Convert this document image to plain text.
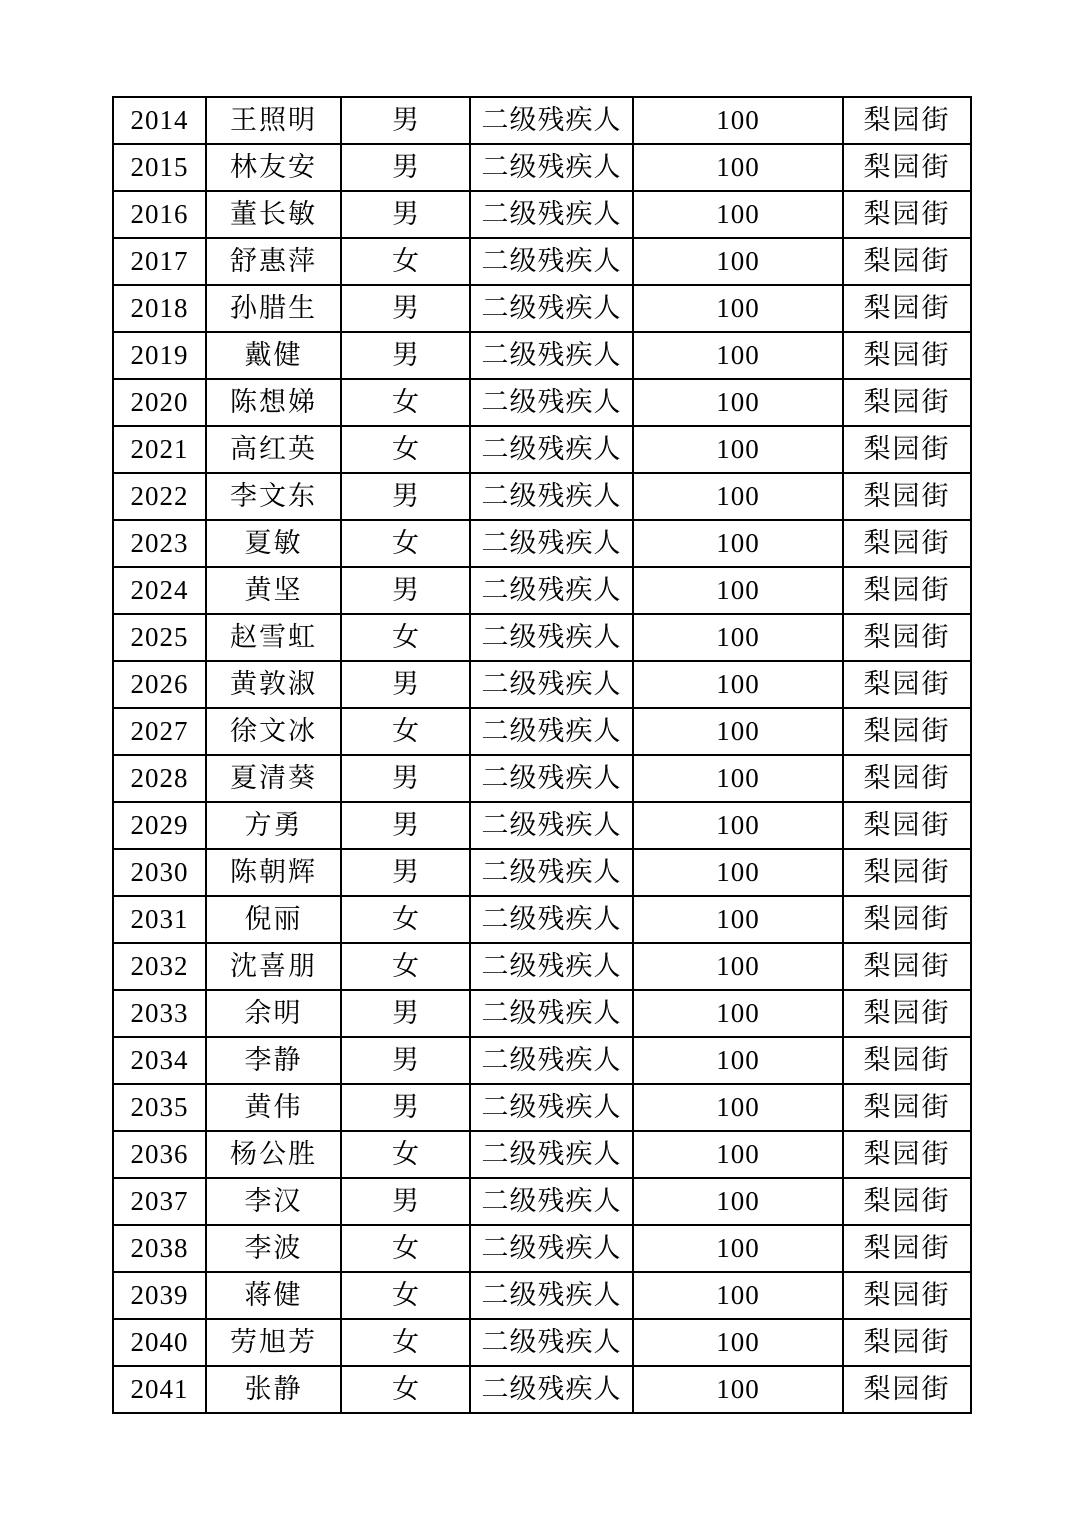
2014	王照明	男	二级残疾人	100	梨园街
2015	林友安	男	二级残疾人	100	梨园街
2016	董长敏	男	二级残疾人	100	梨园街
2017	舒惠萍	女	二级残疾人	100	梨园街
2018	孙腊生	男	二级残疾人	100	梨园街
2019	戴健	男	二级残疾人	100	梨园街
2020	陈想娣	女	二级残疾人	100	梨园街
2021	高红英	女	二级残疾人	100	梨园街
2022	李文东	男	二级残疾人	100	梨园街
2023	夏敏	女	二级残疾人	100	梨园街
2024	黄坚	男	二级残疾人	100	梨园街
2025	赵雪虹	女	二级残疾人	100	梨园街
2026	黄敦淑	男	二级残疾人	100	梨园街
2027	徐文冰	女	二级残疾人	100	梨园街
2028	夏清葵	男	二级残疾人	100	梨园街
2029	方勇	男	二级残疾人	100	梨园街
2030	陈朝辉	男	二级残疾人	100	梨园街
2031	倪丽	女	二级残疾人	100	梨园街
2032	沈喜朋	女	二级残疾人	100	梨园街
2033	余明	男	二级残疾人	100	梨园街
2034	李静	男	二级残疾人	100	梨园街
2035	黄伟	男	二级残疾人	100	梨园街
2036	杨公胜	女	二级残疾人	100	梨园街
2037	李汉	男	二级残疾人	100	梨园街
2038	李波	女	二级残疾人	100	梨园街
2039	蒋健	女	二级残疾人	100	梨园街
2040	劳旭芳	女	二级残疾人	100	梨园街
2041	张静	女	二级残疾人	100	梨园街
